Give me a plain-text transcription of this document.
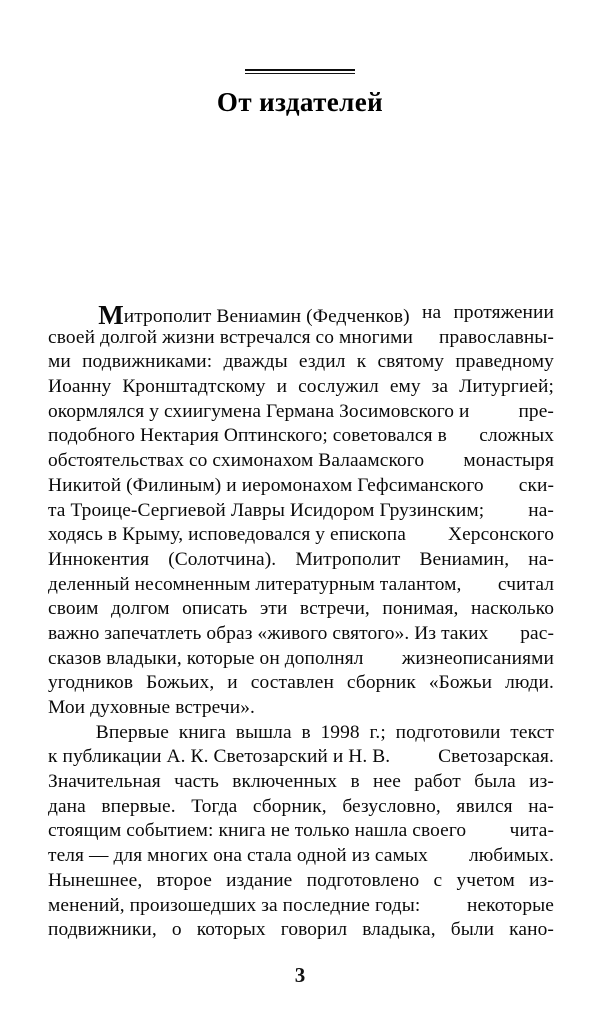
От издателей
Митрополит Вениамин (Федченков) на протяжении
своей долгой жизни встречался со многими православны-
ми подвижниками: дважды ездил к святому праведному
Иоанну Кронштадтскому и сослужил ему за Литургией;
окормлялся у схиигумена Германа Зосимовского и	пре-
подобного Нектария Оптинского; советовался в сложных
обстоятельствах со схимонахом Валаамского монастыря
Никитой (Филиным) и иеромонахом Гефсиманского ски-
та Троице-Сергиевой Лавры Исидором Грузинским; на-
ходясь в Крыму, исповедовался у епископа Херсонского
Иннокентия (Солотчина). Митрополит Вениамин, на-
деленный несомненным литературным талантом, считал
своим долгом описать эти встречи, понимая, насколько
важно запечатлеть образ «живого святого». Из таких рас-
сказов владыки, которые он дополнял жизнеописаниями
угодников Божьих, и составлен сборник «Божьи люди.
Мои духовные встречи».
Впервые книга вышла в 1998 г.; подготовили текст
к публикации А. К. Светозарский и Н. В. Светозарская.
Значительная часть включенных в нее работ была из-
дана впервые. Тогда сборник, безусловно, явился на-
стоящим событием: книга не только нашла своего чита-
теля — для многих она стала одной из самых любимых.
Нынешнее, второе издание подготовлено с учетом из-
менений, произошедших за последние годы: некоторые
подвижники, о которых говорил владыка, были кано-
3
